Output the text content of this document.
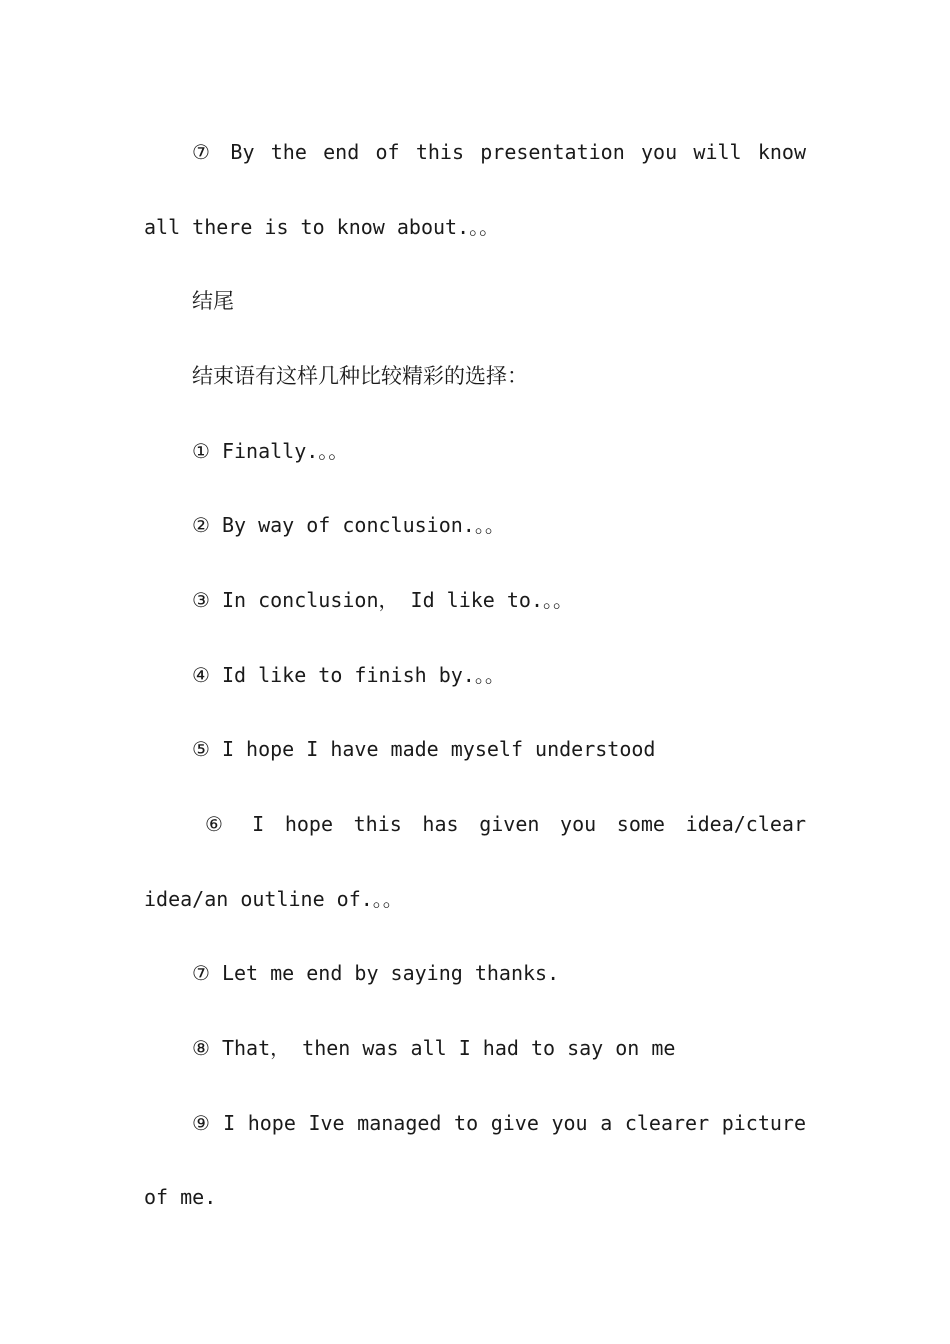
⑦ By the end of this presentation you will know
all there is to know about.。。
结尾
结束语有这样几种比较精彩的选择：
① Finally.。。
② By way of conclusion.。。
③ In conclusion， Id like to.。。
④ Id like to finish by.。。
⑤ I hope I have made myself understood
⑥ I hope this has given you some idea/clear
idea/an outline of.。。
⑦ Let me end by saying thanks.
⑧ That， then was all I had to say on me
⑨ I hope Ive managed to give you a clearer picture
of me.
